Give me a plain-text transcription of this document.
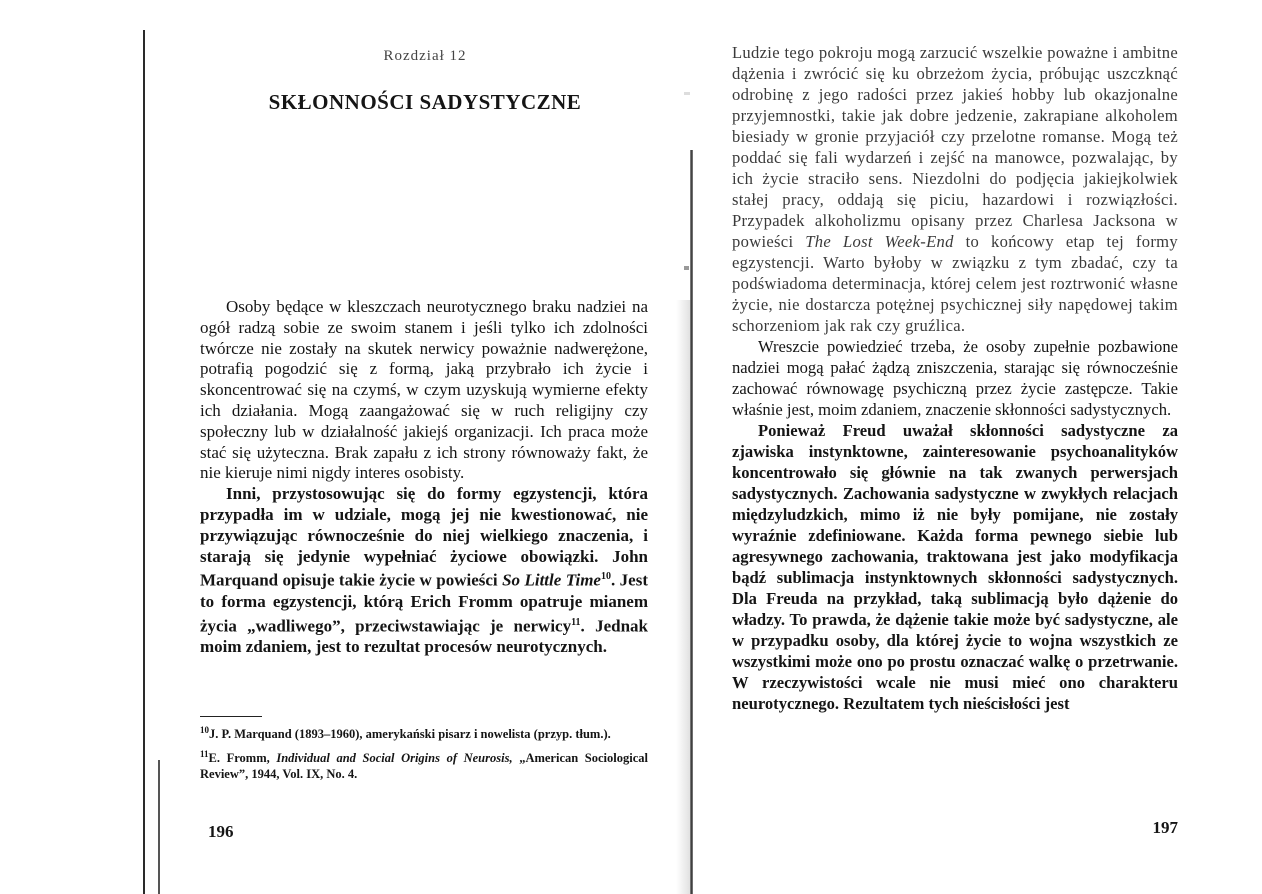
Rozdział 12
SKŁONNOŚCI SADYSTYCZNE

Osoby będące w kleszczach neurotycznego braku nadziei na ogół radzą sobie ze swoim stanem i jeśli tylko ich zdolności twórcze nie zostały na skutek nerwicy poważnie nadwerężone, potrafią pogodzić się z formą, jaką przybrało ich życie i skoncentrować się na czymś, w czym uzyskują wymierne efekty ich działania. Mogą zaangażować się w ruch religijny czy społeczny lub w działalność jakiejś organizacji. Ich praca może stać się użyteczna. Brak zapału z ich strony równoważy fakt, że nie kieruje nimi nigdy interes osobisty.

Inni, przystosowując się do formy egzystencji, która przypadła im w udziale, mogą jej nie kwestionować, nie przywiązując równocześnie do niej wielkiego znaczenia, i starają się jedynie wypełniać życiowe obowiązki. John Marquand opisuje takie życie w powieści So Little Time$^{10}$. Jest to forma egzystencji, którą Erich Fromm opatruje mianem życia „wadliwego”, przeciwstawiając je nerwicy$^{11}$. Jednak moim zdaniem, jest to rezultat procesów neurotycznych.

$^{10}$J. P. Marquand (1893–1960), amerykański pisarz i nowelista (przyp. tłum.).

$^{11}$E. Fromm, Individual and Social Origins of Neurosis, „American Sociological Review”, 1944, Vol. IX, No. 4.

196

Ludzie tego pokroju mogą zarzucić wszelkie poważne i ambitne dążenia i zwrócić się ku obrzeżom życia, próbując uszczknąć odrobinę z jego radości przez jakieś hobby lub okazjonalne przyjemnostki, takie jak dobre jedzenie, zakrapiane alkoholem biesiady w gronie przyjaciół czy przelotne romanse. Mogą też poddać się fali wydarzeń i zejść na manowce, pozwalając, by ich życie straciło sens. Niezdolni do podjęcia jakiejkolwiek stałej pracy, oddają się piciu, hazardowi i rozwiązłości. Przypadek alkoholizmu opisany przez Charlesa Jacksona w powieści The Lost Week-End to końcowy etap tej formy egzystencji. Warto byłoby w związku z tym zbadać, czy ta podświadoma determinacja, której celem jest roztrwonić własne życie, nie dostarcza potężnej psychicznej siły napędowej takim schorzeniom jak rak czy gruźlica.

Wreszcie powiedzieć trzeba, że osoby zupełnie pozbawione nadziei mogą pałać żądzą zniszczenia, starając się równocześnie zachować równowagę psychiczną przez życie zastępcze. Takie właśnie jest, moim zdaniem, znaczenie skłonności sadystycznych.

Ponieważ Freud uważał skłonności sadystyczne za zjawiska instynktowne, zainteresowanie psychoanalityków koncentrowało się głównie na tak zwanych perwersjach sadystycznych. Zachowania sadystyczne w zwykłych relacjach międzyludzkich, mimo iż nie były pomijane, nie zostały wyraźnie zdefiniowane. Każda forma pewnego siebie lub agresywnego zachowania, traktowana jest jako modyfikacja bądź sublimacja instynktownych skłonności sadystycznych. Dla Freuda na przykład, taką sublimacją było dążenie do władzy. To prawda, że dążenie takie może być sadystyczne, ale w przypadku osoby, dla której życie to wojna wszystkich ze wszystkimi może ono po prostu oznaczać walkę o przetrwanie. W rzeczywistości wcale nie musi mieć ono charakteru neurotycznego. Rezultatem tych nieścisłości jest

197
